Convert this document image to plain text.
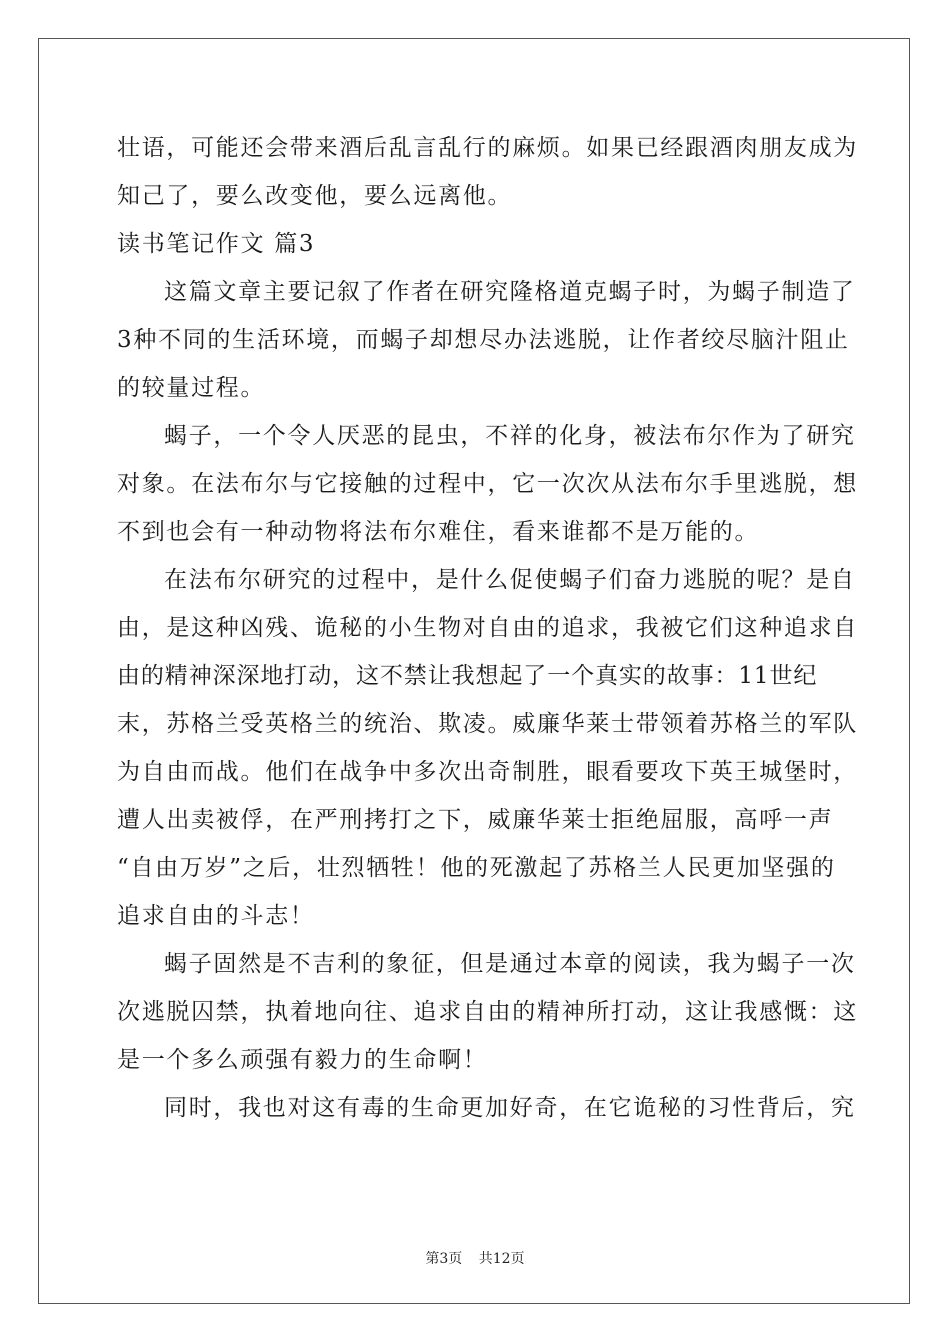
壮语，可能还会带来酒后乱言乱行的麻烦。如果已经跟酒肉朋友成为
知己了，要么改变他，要么远离他。
读书笔记作文 篇3
这篇文章主要记叙了作者在研究隆格道克蝎子时，为蝎子制造了
3种不同的生活环境，而蝎子却想尽办法逃脱，让作者绞尽脑汁阻止
的较量过程。
蝎子，一个令人厌恶的昆虫，不祥的化身，被法布尔作为了研究
对象。在法布尔与它接触的过程中，它一次次从法布尔手里逃脱，想
不到也会有一种动物将法布尔难住，看来谁都不是万能的。
在法布尔研究的过程中，是什么促使蝎子们奋力逃脱的呢？是自
由，是这种凶残、诡秘的小生物对自由的追求，我被它们这种追求自
由的精神深深地打动，这不禁让我想起了一个真实的故事：11世纪
末，苏格兰受英格兰的统治、欺凌。威廉华莱士带领着苏格兰的军队
为自由而战。他们在战争中多次出奇制胜，眼看要攻下英王城堡时，
遭人出卖被俘，在严刑拷打之下，威廉华莱士拒绝屈服，高呼一声
“自由万岁”之后，壮烈牺牲！他的死激起了苏格兰人民更加坚强的
追求自由的斗志！
蝎子固然是不吉利的象征，但是通过本章的阅读，我为蝎子一次
次逃脱囚禁，执着地向往、追求自由的精神所打动，这让我感慨：这
是一个多么顽强有毅力的生命啊！
同时，我也对这有毒的生命更加好奇，在它诡秘的习性背后，究
第3页 共12页
